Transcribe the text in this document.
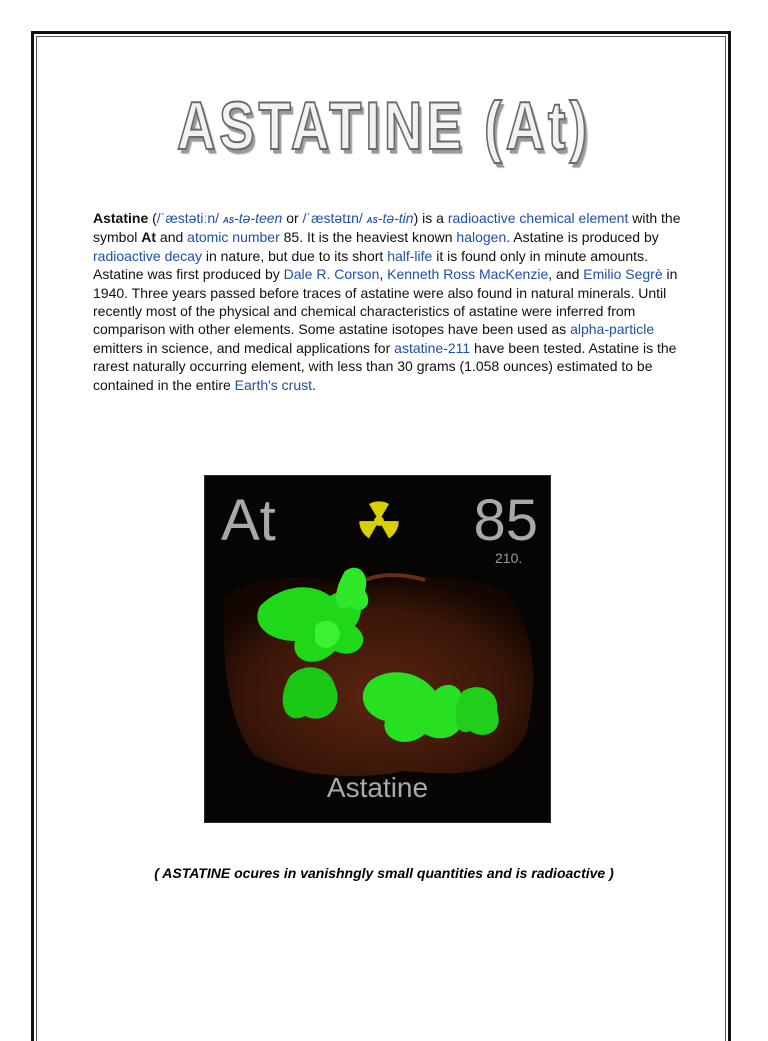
ASTATINE (At)
Astatine (/ˈæstətiːn/ as-tə-teen or /ˈæstətɪn/ as-tə-tin) is a radioactive chemical element with the symbol At and atomic number 85. It is the heaviest known halogen. Astatine is produced by radioactive decay in nature, but due to its short half-life it is found only in minute amounts. Astatine was first produced by Dale R. Corson, Kenneth Ross MacKenzie, and Emilio Segrè in 1940. Three years passed before traces of astatine were also found in natural minerals. Until recently most of the physical and chemical characteristics of astatine were inferred from comparison with other elements. Some astatine isotopes have been used as alpha-particle emitters in science, and medical applications for astatine-211 have been tested. Astatine is the rarest naturally occurring element, with less than 30 grams (1.058 ounces) estimated to be contained in the entire Earth's crust.
At	85
210.
Astatine
( ASTATINE ocures in vanishngly small quantities and is radioactive )
